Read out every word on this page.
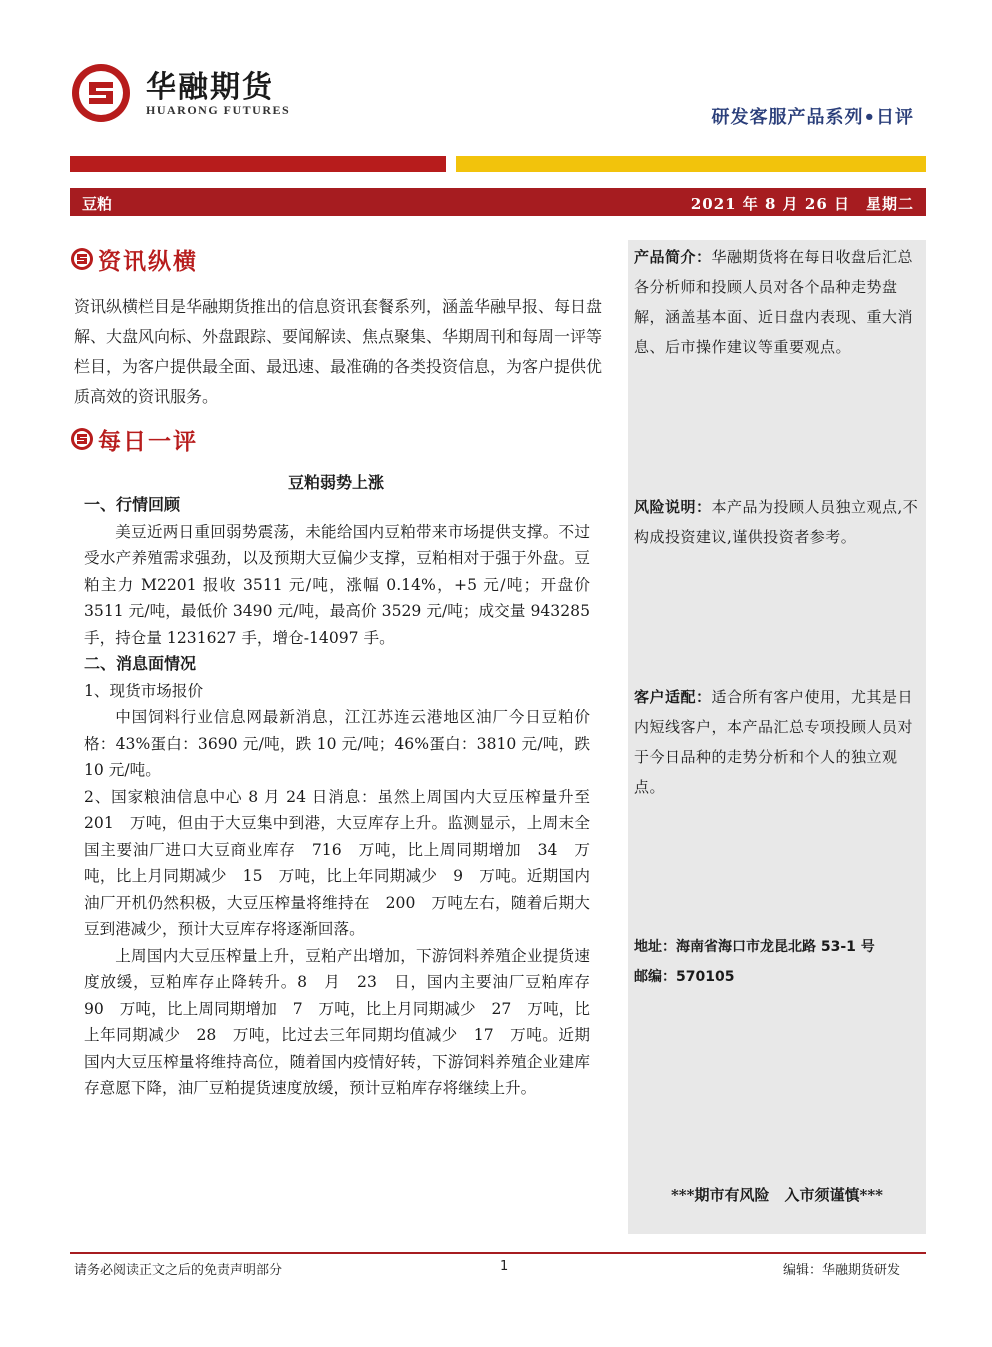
华融期货
HUARONG FUTURES	研发客服产品系列•日评
豆粕	2021 年 8 月 26 日　星期二
产品简介：华融期货将在每日收盘后汇总各分析师和投顾人员对各个品种走势盘解，涵盖基本面、近日盘内表现、重大消息、后市操作建议等重要观点。
风险说明：本产品为投顾人员独立观点,不构成投资建议,谨供投资者参考。
客户适配：适合所有客户使用，尤其是日内短线客户，本产品汇总专项投顾人员对于今日品种的走势分析和个人的独立观点。
地址：海南省海口市龙昆北路 53-1 号
邮编：570105
***期市有风险　入市须谨慎***
资讯纵横
资讯纵横栏目是华融期货推出的信息资讯套餐系列，涵盖华融早报、每日盘解、大盘风向标、外盘跟踪、要闻解读、焦点聚集、华期周刊和每周一评等栏目，为客户提供最全面、最迅速、最准确的各类投资信息，为客户提供优质高效的资讯服务。
每日一评
豆粕弱势上涨
一、行情回顾

美豆近两日重回弱势震荡，未能给国内豆粕带来市场提供支撑。不过受水产养殖需求强劲，以及预期大豆偏少支撑，豆粕相对于强于外盘。豆粕主力 M2201 报收 3511 元/吨，涨幅 0.14%，+5 元/吨；开盘价 3511 元/吨，最低价 3490 元/吨，最高价 3529 元/吨；成交量 943285 手，持仓量 1231627 手，增仓-14097 手。

二、消息面情况

1、现货市场报价

中国饲料行业信息网最新消息，江江苏连云港地区油厂今日豆粕价格：43%蛋白：3690 元/吨，跌 10 元/吨；46%蛋白：3810 元/吨，跌 10 元/吨。

2、国家粮油信息中心 8 月 24 日消息：虽然上周国内大豆压榨量升至　201　万吨，但由于大豆集中到港，大豆库存上升。监测显示，上周末全国主要油厂进口大豆商业库存　716　万吨，比上周同期增加　34　万吨，比上月同期减少　15　万吨，比上年同期减少　9　万吨。近期国内油厂开机仍然积极，大豆压榨量将维持在　200　万吨左右，随着后期大豆到港减少，预计大豆库存将逐渐回落。

上周国内大豆压榨量上升，豆粕产出增加，下游饲料养殖企业提货速度放缓，豆粕库存止降转升。8　月　23　日，国内主要油厂豆粕库存　90　万吨，比上周同期增加　7　万吨，比上月同期减少　27　万吨，比上年同期减少　28　万吨，比过去三年同期均值减少　17　万吨。近期国内大豆压榨量将维持高位，随着国内疫情好转，下游饲料养殖企业建库存意愿下降，油厂豆粕提货速度放缓，预计豆粕库存将继续上升。

请务必阅读正文之后的免责声明部分	1	编辑：华融期货研发
